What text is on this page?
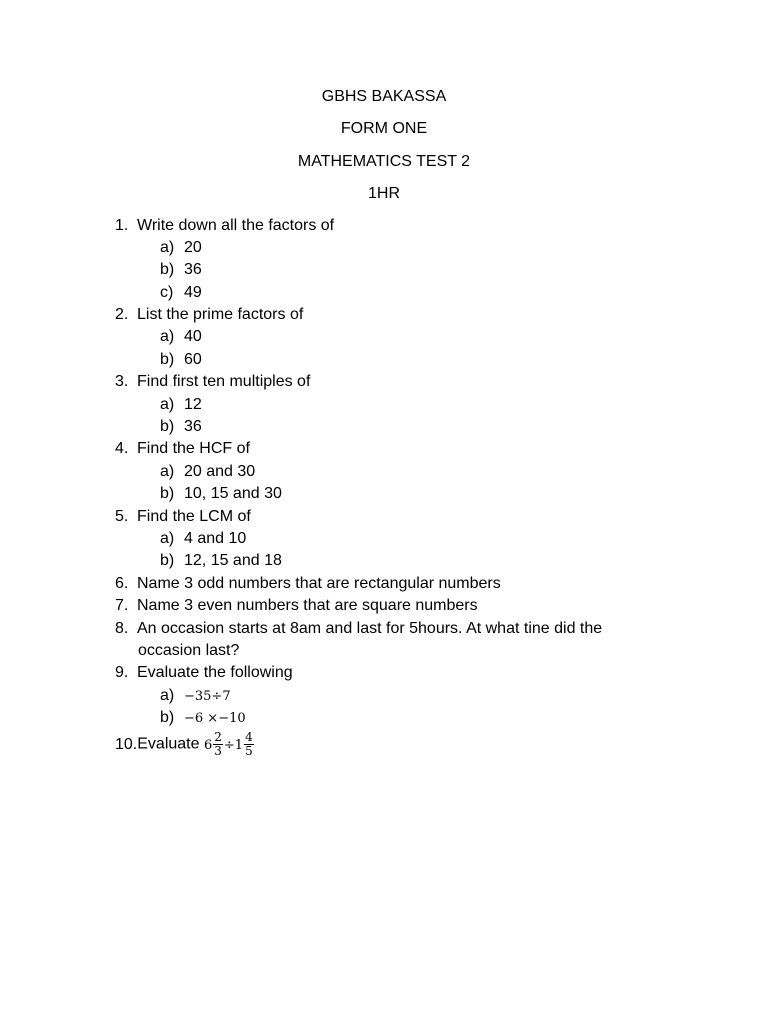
GBHS BAKASSA
FORM ONE
MATHEMATICS TEST 2
1HR
1. Write down all the factors of
a) 20
b) 36
c) 49
2. List the prime factors of
a) 40
b) 60
3. Find first ten multiples of
a) 12
b) 36
4. Find the HCF of
a) 20 and 30
b) 10, 15 and 30
5. Find the LCM of
a) 4 and 10
b) 12, 15 and 18
6. Name 3 odd numbers that are rectangular numbers
7. Name 3 even numbers that are square numbers
8. An occasion starts at 8am and last for 5hours. At what tine did the
occasion last?
9. Evaluate the following
a) −35÷7
b) −6 ×−10
10.Evaluate $6 \frac{2}{3} \div 1 \frac{4}{5}$
